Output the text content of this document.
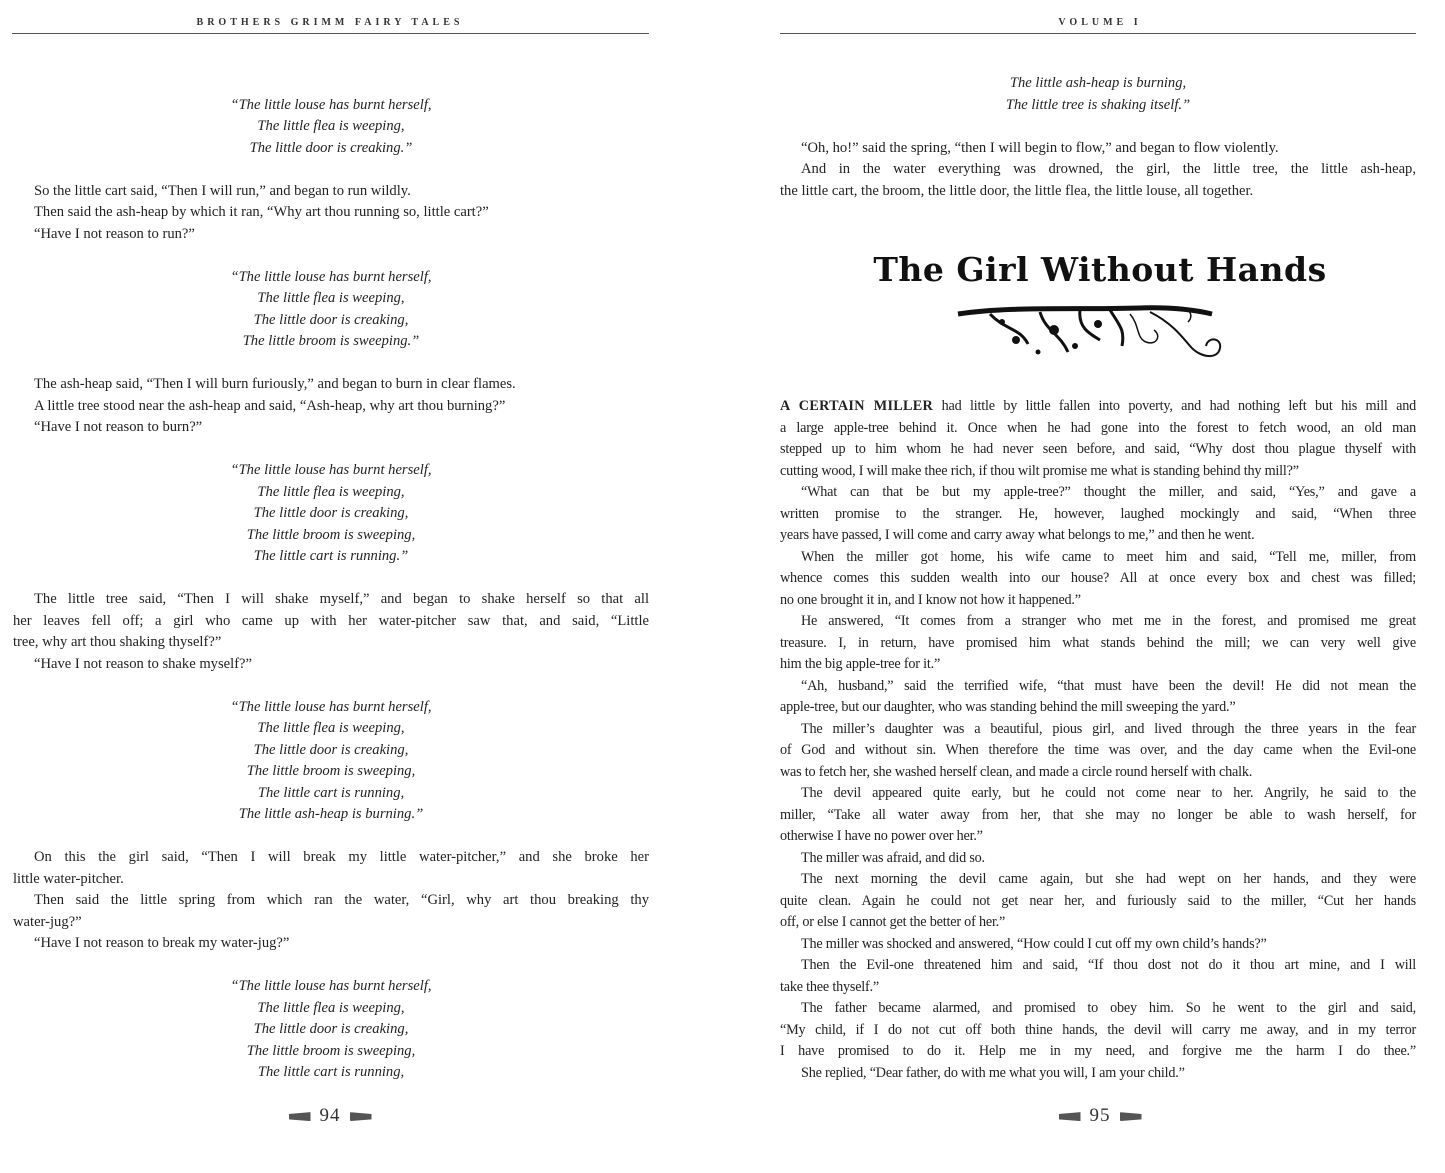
BROTHERS GRIMM FAIRY TALES
“The little louse has burnt herself,
The little flea is weeping,
The little door is creaking.”
So the little cart said, “Then I will run,” and began to run wildly.
Then said the ash-heap by which it ran, “Why art thou running so, little cart?”
“Have I not reason to run?”
“The little louse has burnt herself,
The little flea is weeping,
The little door is creaking,
The little broom is sweeping.”
The ash-heap said, “Then I will burn furiously,” and began to burn in clear flames.
A little tree stood near the ash-heap and said, “Ash-heap, why art thou burning?”
“Have I not reason to burn?”
“The little louse has burnt herself,
The little flea is weeping,
The little door is creaking,
The little broom is sweeping,
The little cart is running.”
The little tree said, “Then I will shake myself,” and began to shake herself so that all
her leaves fell off; a girl who came up with her water-pitcher saw that, and said, “Little
tree, why art thou shaking thyself?”
“Have I not reason to shake myself?”
“The little louse has burnt herself,
The little flea is weeping,
The little door is creaking,
The little broom is sweeping,
The little cart is running,
The little ash-heap is burning.”
On this the girl said, “Then I will break my little water-pitcher,” and she broke her
little water-pitcher.
Then said the little spring from which ran the water, “Girl, why art thou breaking thy
water-jug?”
“Have I not reason to break my water-jug?”
“The little louse has burnt herself,
The little flea is weeping,
The little door is creaking,
The little broom is sweeping,
The little cart is running,
94
VOLUME I
The little ash-heap is burning,
The little tree is shaking itself.”
“Oh, ho!” said the spring, “then I will begin to flow,” and began to flow violently.
And in the water everything was drowned, the girl, the little tree, the little ash-heap,
the little cart, the broom, the little door, the little flea, the little louse, all together.
The Girl Without Hands
A CERTAIN MILLER had little by little fallen into poverty, and had nothing left but his mill and
a large apple-tree behind it. Once when he had gone into the forest to fetch wood, an old man
stepped up to him whom he had never seen before, and said, “Why dost thou plague thyself with
cutting wood, I will make thee rich, if thou wilt promise me what is standing behind thy mill?”
“What can that be but my apple-tree?” thought the miller, and said, “Yes,” and gave a
written promise to the stranger. He, however, laughed mockingly and said, “When three
years have passed, I will come and carry away what belongs to me,” and then he went.
When the miller got home, his wife came to meet him and said, “Tell me, miller, from
whence comes this sudden wealth into our house? All at once every box and chest was filled;
no one brought it in, and I know not how it happened.”
He answered, “It comes from a stranger who met me in the forest, and promised me great
treasure. I, in return, have promised him what stands behind the mill; we can very well give
him the big apple-tree for it.”
“Ah, husband,” said the terrified wife, “that must have been the devil! He did not mean the
apple-tree, but our daughter, who was standing behind the mill sweeping the yard.”
The miller’s daughter was a beautiful, pious girl, and lived through the three years in the fear
of God and without sin. When therefore the time was over, and the day came when the Evil-one
was to fetch her, she washed herself clean, and made a circle round herself with chalk.
The devil appeared quite early, but he could not come near to her. Angrily, he said to the
miller, “Take all water away from her, that she may no longer be able to wash herself, for
otherwise I have no power over her.”
The miller was afraid, and did so.
The next morning the devil came again, but she had wept on her hands, and they were
quite clean. Again he could not get near her, and furiously said to the miller, “Cut her hands
off, or else I cannot get the better of her.”
The miller was shocked and answered, “How could I cut off my own child’s hands?”
Then the Evil-one threatened him and said, “If thou dost not do it thou art mine, and I will
take thee thyself.”
The father became alarmed, and promised to obey him. So he went to the girl and said,
“My child, if I do not cut off both thine hands, the devil will carry me away, and in my terror
I have promised to do it. Help me in my need, and forgive me the harm I do thee.”
She replied, “Dear father, do with me what you will, I am your child.”
95
